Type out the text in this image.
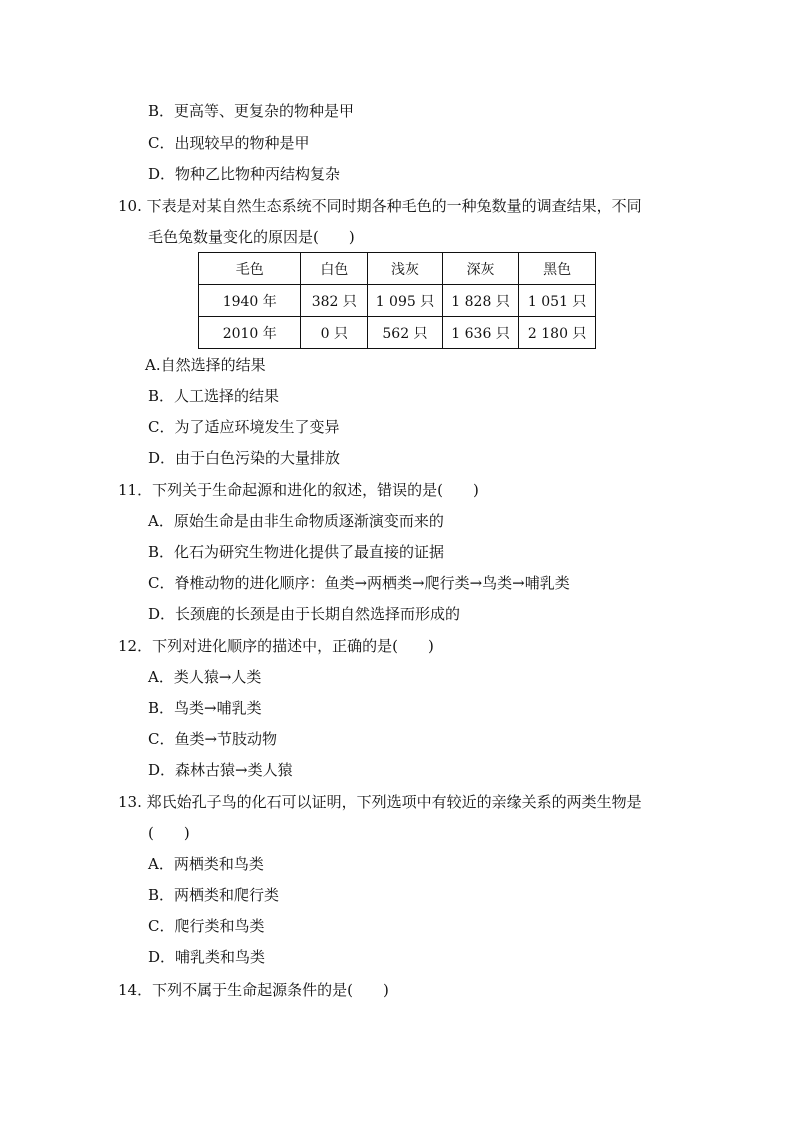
B．更高等、更复杂的物种是甲
C．出现较早的物种是甲
D．物种乙比物种丙结构复杂
10. 下表是对某自然生态系统不同时期各种毛色的一种兔数量的调查结果，不同
毛色兔数量变化的原因是(　　)
毛色	白色	浅灰	深灰	黑色
1940 年	382 只	1 095 只	1 828 只	1 051 只
2010 年	0 只	562 只	1 636 只	2 180 只
A.自然选择的结果
B．人工选择的结果
C．为了适应环境发生了变异
D．由于白色污染的大量排放
11．下列关于生命起源和进化的叙述，错误的是(　　)
A．原始生命是由非生命物质逐渐演变而来的
B．化石为研究生物进化提供了最直接的证据
C．脊椎动物的进化顺序：鱼类→两栖类→爬行类→鸟类→哺乳类
D．长颈鹿的长颈是由于长期自然选择而形成的
12．下列对进化顺序的描述中，正确的是(　　)
A．类人猿→人类
B．鸟类→哺乳类
C．鱼类→节肢动物
D．森林古猿→类人猿
13. 郑氏始孔子鸟的化石可以证明，下列选项中有较近的亲缘关系的两类生物是
(　　)
A．两栖类和鸟类
B．两栖类和爬行类
C．爬行类和鸟类
D．哺乳类和鸟类
14．下列不属于生命起源条件的是(　　)
